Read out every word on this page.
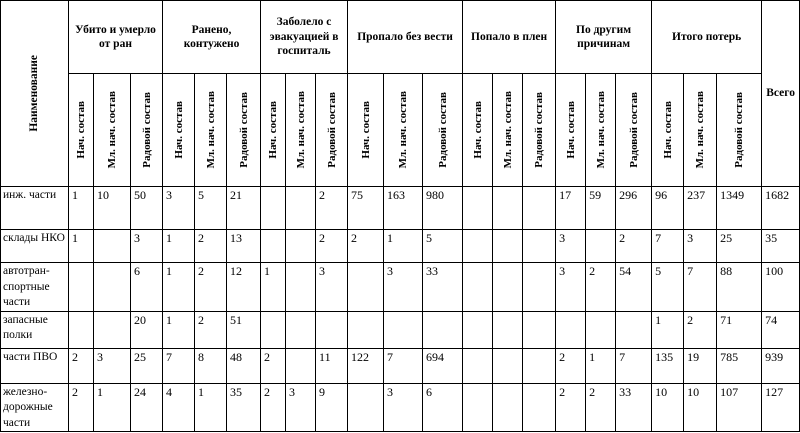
Наименование	Убито и умерло от ран			Ранено, контужено			Заболело с эвакуацией в госпиталь			Пропало без вести			Попало в плен			По другим причинам			Итого потерь			Всего

	Нач. состав	Мл. нач. состав	Радовой состав	Нач. состав	Мл. нач. состав	Радовой состав	Нач. состав	Мл. нач. состав	Радовой состав	Нач. состав	Мл. нач. состав	Радовой состав	Нач. состав	Мл. нач. состав	Радовой состав	Нач. состав	Мл. нач. состав	Радовой состав	Нач. состав	Мл. нач. состав	Радовой состав	

инж. части	1	10	50	3	5	21			2	75	163	980				17	59	296	96	237	1349	1682
склады НКО	1		3	1	2	13			2	2	1	5				3		2	7	3	25	35
автотран-спортные части			6	1	2	12	1		3		3	33				3	2	54	5	7	88	100
запасные полки			20	1	2	51													1	2	71	74
части ПВО	2	3	25	7	8	48	2		11	122	7	694				2	1	7	135	19	785	939
железно-дорожные части	2	1	24	4	1	35	2	3	9		3	6				2	2	33	10	10	107	127
